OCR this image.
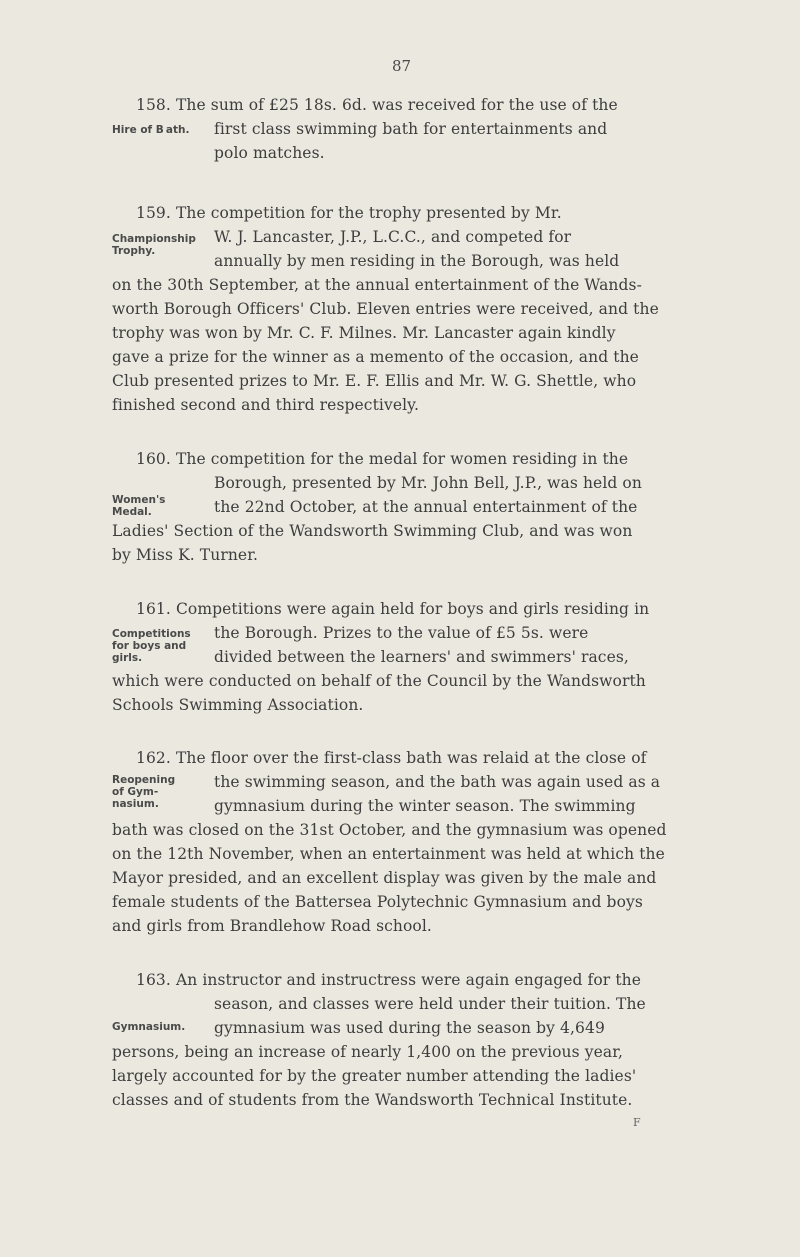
87
Hire of B ath.
158. The sum of £25 18s. 6d. was received for the use of the
first class swimming bath for entertainments and
polo matches.
Championship Trophy.
159. The competition for the trophy presented by Mr.
W. J. Lancaster, J.P., L.C.C., and competed for
annually by men residing in the Borough, was held
on the 30th September, at the annual entertainment of the Wands-
worth Borough Officers' Club. Eleven entries were received, and the
trophy was won by Mr. C. F. Milnes. Mr. Lancaster again kindly
gave a prize for the winner as a memento of the occasion, and the
Club presented prizes to Mr. E. F. Ellis and Mr. W. G. Shettle, who
finished second and third respectively.
Women's Medal.
160. The competition for the medal for women residing in the
Borough, presented by Mr. John Bell, J.P., was held on
the 22nd October, at the annual entertainment of the
Ladies' Section of the Wandsworth Swimming Club, and was won
by Miss K. Turner.
Competitions for boys and girls.
161. Competitions were again held for boys and girls residing in
the Borough. Prizes to the value of £5 5s. were
divided between the learners' and swimmers' races,
which were conducted on behalf of the Council by the Wandsworth
Schools Swimming Association.
Reopening of Gym- nasium.
162. The floor over the first-class bath was relaid at the close of
the swimming season, and the bath was again used as a
gymnasium during the winter season. The swimming
bath was closed on the 31st October, and the gymnasium was opened
on the 12th November, when an entertainment was held at which the
Mayor presided, and an excellent display was given by the male and
female students of the Battersea Polytechnic Gymnasium and boys
and girls from Brandlehow Road school.
Gymnasium.
163. An instructor and instructress were again engaged for the
season, and classes were held under their tuition. The
gymnasium was used during the season by 4,649
persons, being an increase of nearly 1,400 on the previous year,
largely accounted for by the greater number attending the ladies'
classes and of students from the Wandsworth Technical Institute.
F
